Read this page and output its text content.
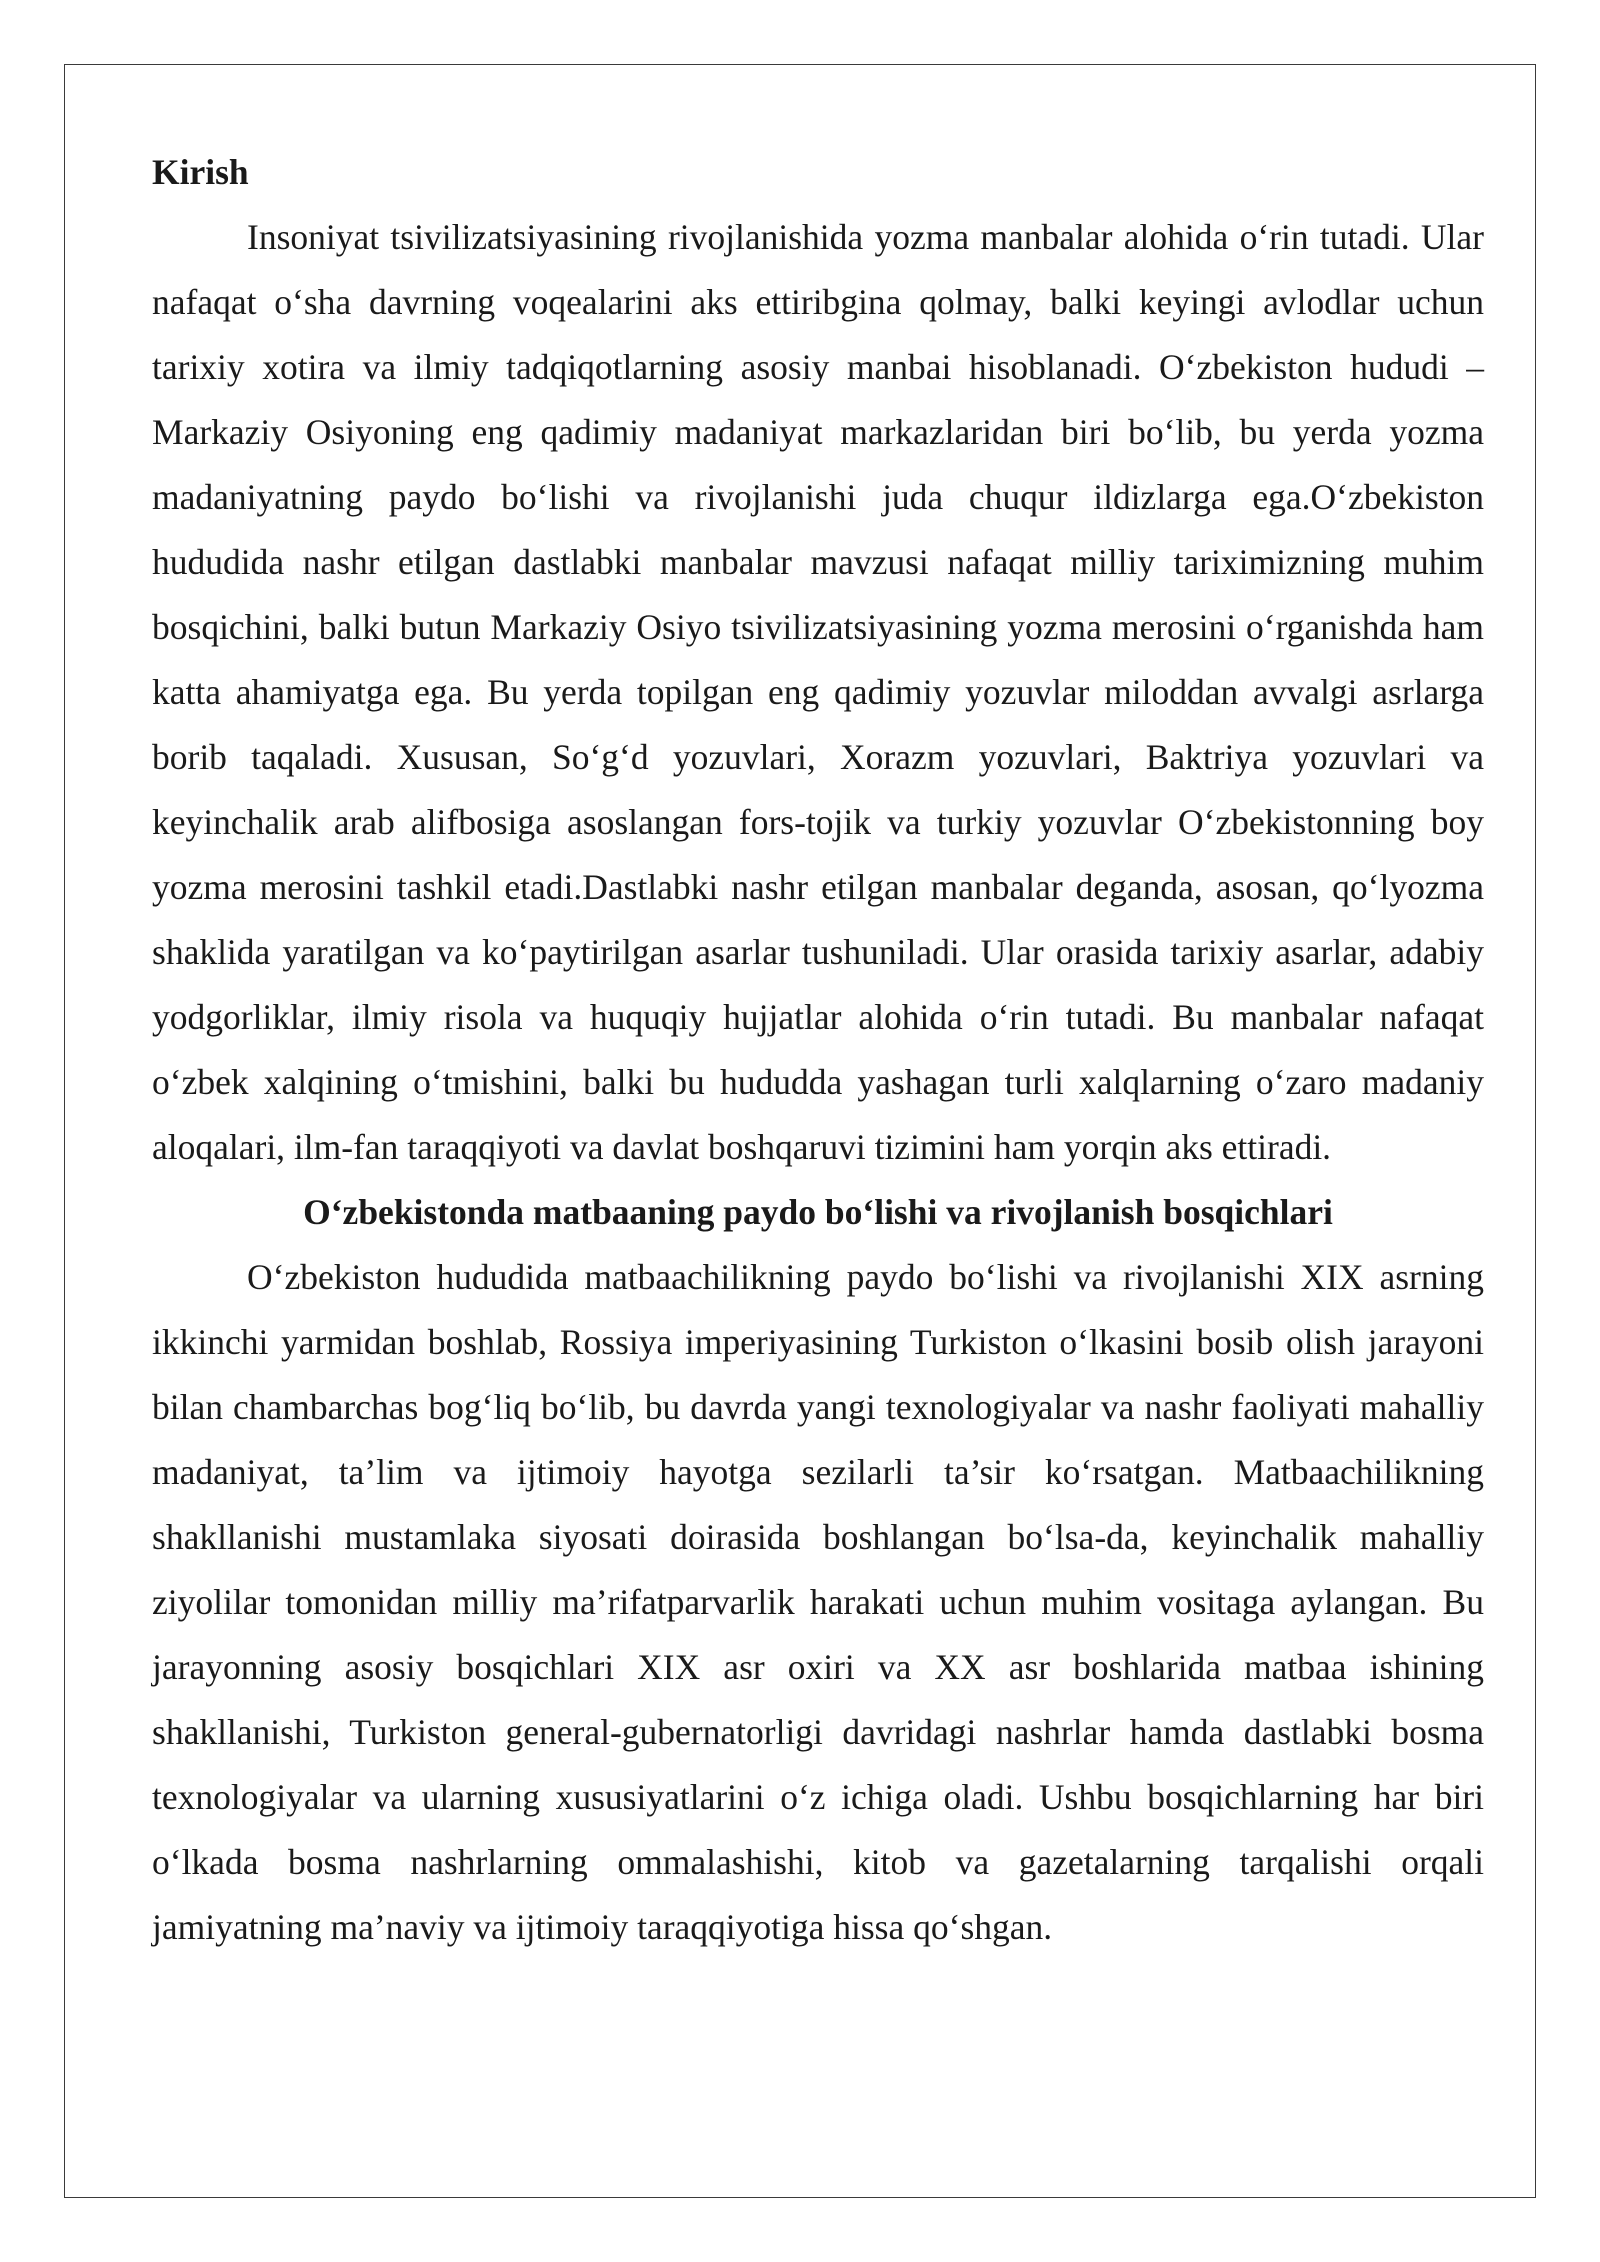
Kirish

Insoniyat tsivilizatsiyasining rivojlanishida yozma manbalar alohida o‘rin tutadi. Ular nafaqat o‘sha davrning voqealarini aks ettiribgina qolmay, balki keyingi avlodlar uchun tarixiy xotira va ilmiy tadqiqotlarning asosiy manbai hisoblanadi. O‘zbekiston hududi – Markaziy Osiyoning eng qadimiy madaniyat markazlaridan biri bo‘lib, bu yerda yozma madaniyatning paydo bo‘lishi va rivojlanishi juda chuqur ildizlarga ega.O‘zbekiston hududida nashr etilgan dastlabki manbalar mavzusi nafaqat milliy tariximizning muhim bosqichini, balki butun Markaziy Osiyo tsivilizatsiyasining yozma merosini o‘rganishda ham katta ahamiyatga ega. Bu yerda topilgan eng qadimiy yozuvlar miloddan avvalgi asrlarga borib taqaladi. Xususan, So‘g‘d yozuvlari, Xorazm yozuvlari, Baktriya yozuvlari va keyinchalik arab alifbosiga asoslangan fors-tojik va turkiy yozuvlar O‘zbekistonning boy yozma merosini tashkil etadi.Dastlabki nashr etilgan manbalar deganda, asosan, qo‘lyozma shaklida yaratilgan va ko‘paytirilgan asarlar tushuniladi. Ular orasida tarixiy asarlar, adabiy yodgorliklar, ilmiy risola va huquqiy hujjatlar alohida o‘rin tutadi. Bu manbalar nafaqat o‘zbek xalqining o‘tmishini, balki bu hududda yashagan turli xalqlarning o‘zaro madaniy aloqalari, ilm-fan taraqqiyoti va davlat boshqaruvi tizimini ham yorqin aks ettiradi.

O‘zbekistonda matbaaning paydo bo‘lishi va rivojlanish bosqichlari

O‘zbekiston hududida matbaachilikning paydo bo‘lishi va rivojlanishi XIX asrning ikkinchi yarmidan boshlab, Rossiya imperiyasining Turkiston o‘lkasini bosib olish jarayoni bilan chambarchas bog‘liq bo‘lib, bu davrda yangi texnologiyalar va nashr faoliyati mahalliy madaniyat, ta’lim va ijtimoiy hayotga sezilarli ta’sir ko‘rsatgan. Matbaachilikning shakllanishi mustamlaka siyosati doirasida boshlangan bo‘lsa-da, keyinchalik mahalliy ziyolilar tomonidan milliy ma’rifatparvarlik harakati uchun muhim vositaga aylangan. Bu jarayonning asosiy bosqichlari XIX asr oxiri va XX asr boshlarida matbaa ishining shakllanishi, Turkiston general-gubernatorligi davridagi nashrlar hamda dastlabki bosma texnologiyalar va ularning xususiyatlarini o‘z ichiga oladi. Ushbu bosqichlarning har biri o‘lkada bosma nashrlarning ommalashishi, kitob va gazetalarning tarqalishi orqali jamiyatning ma’naviy va ijtimoiy taraqqiyotiga hissa qo‘shgan.
